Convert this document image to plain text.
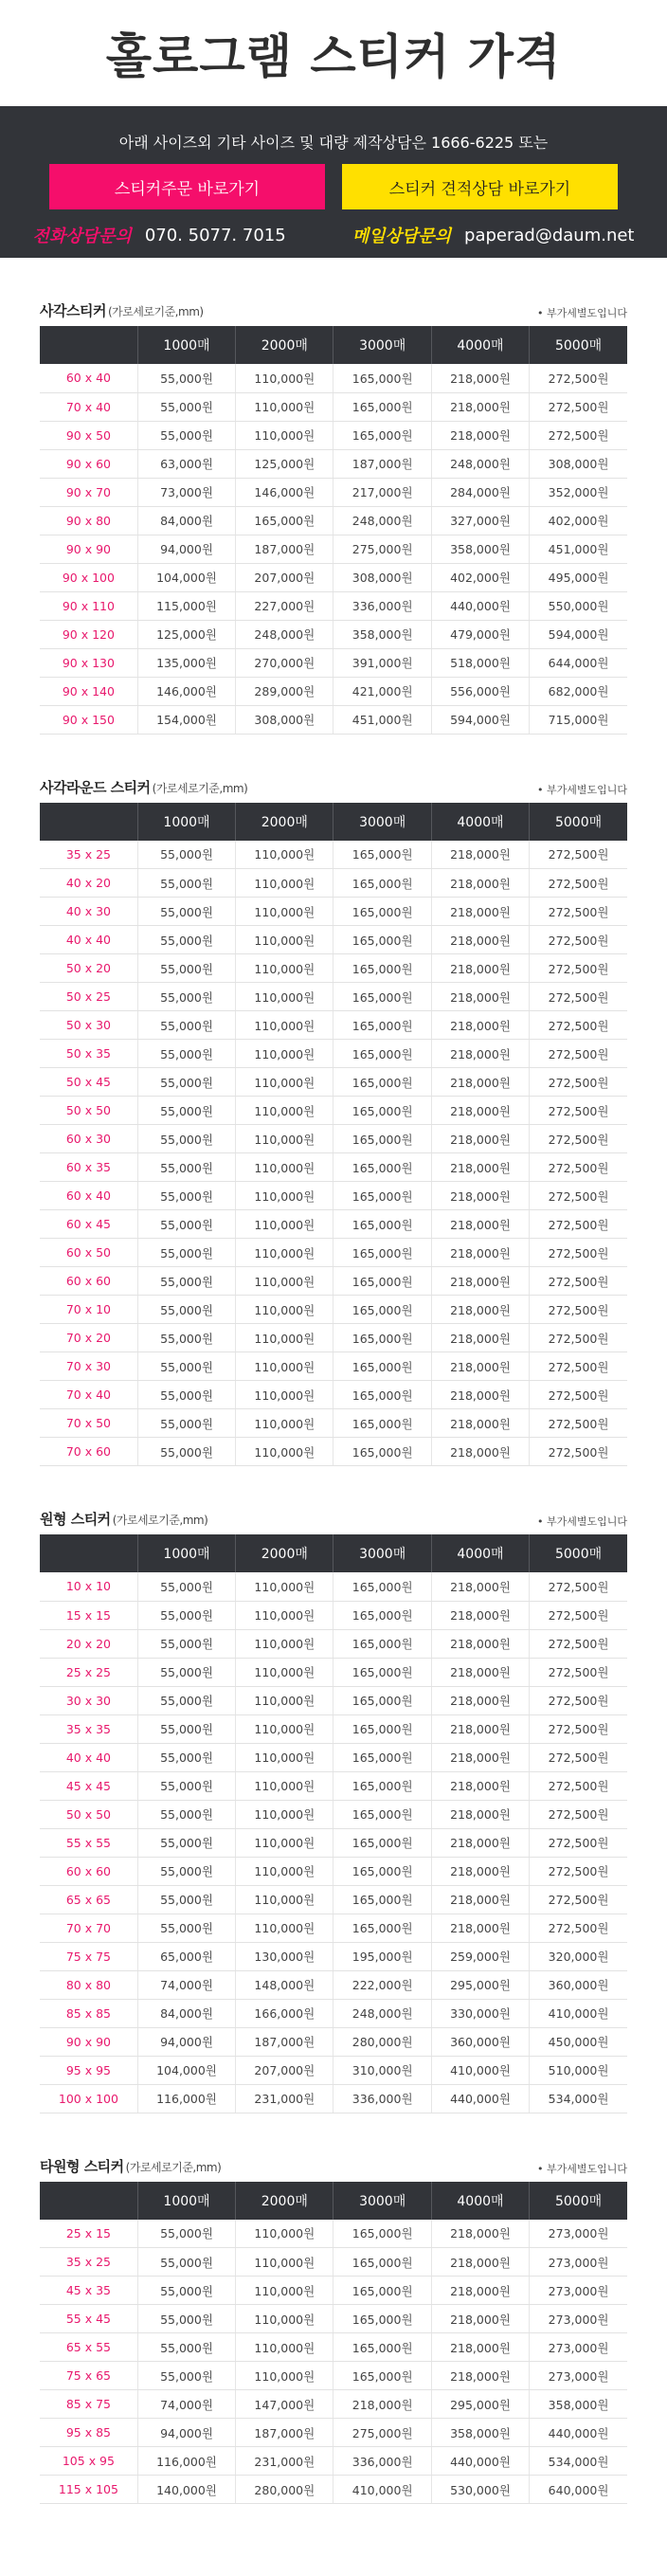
홀로그램 스티커 가격

아래 사이즈외 기타 사이즈 및 대량 제작상담은 1666-6225 또는

스티커주문 바로가기	스티커 견적상담 바로가기
전화상담문의 070. 5077. 7015	메일상담문의 paperad@daum.net
사각스티커 (가로세로기준,mm)	• 부가세별도입니다
	1000매	2000매	3000매	4000매	5000매
60 x 40	55,000원	110,000원	165,000원	218,000원	272,500원
70 x 40	55,000원	110,000원	165,000원	218,000원	272,500원
90 x 50	55,000원	110,000원	165,000원	218,000원	272,500원
90 x 60	63,000원	125,000원	187,000원	248,000원	308,000원
90 x 70	73,000원	146,000원	217,000원	284,000원	352,000원
90 x 80	84,000원	165,000원	248,000원	327,000원	402,000원
90 x 90	94,000원	187,000원	275,000원	358,000원	451,000원
90 x 100	104,000원	207,000원	308,000원	402,000원	495,000원
90 x 110	115,000원	227,000원	336,000원	440,000원	550,000원
90 x 120	125,000원	248,000원	358,000원	479,000원	594,000원
90 x 130	135,000원	270,000원	391,000원	518,000원	644,000원
90 x 140	146,000원	289,000원	421,000원	556,000원	682,000원
90 x 150	154,000원	308,000원	451,000원	594,000원	715,000원
사각라운드 스티커 (가로세로기준,mm)	• 부가세별도입니다
	1000매	2000매	3000매	4000매	5000매
35 x 25	55,000원	110,000원	165,000원	218,000원	272,500원
40 x 20	55,000원	110,000원	165,000원	218,000원	272,500원
40 x 30	55,000원	110,000원	165,000원	218,000원	272,500원
40 x 40	55,000원	110,000원	165,000원	218,000원	272,500원
50 x 20	55,000원	110,000원	165,000원	218,000원	272,500원
50 x 25	55,000원	110,000원	165,000원	218,000원	272,500원
50 x 30	55,000원	110,000원	165,000원	218,000원	272,500원
50 x 35	55,000원	110,000원	165,000원	218,000원	272,500원
50 x 45	55,000원	110,000원	165,000원	218,000원	272,500원
50 x 50	55,000원	110,000원	165,000원	218,000원	272,500원
60 x 30	55,000원	110,000원	165,000원	218,000원	272,500원
60 x 35	55,000원	110,000원	165,000원	218,000원	272,500원
60 x 40	55,000원	110,000원	165,000원	218,000원	272,500원
60 x 45	55,000원	110,000원	165,000원	218,000원	272,500원
60 x 50	55,000원	110,000원	165,000원	218,000원	272,500원
60 x 60	55,000원	110,000원	165,000원	218,000원	272,500원
70 x 10	55,000원	110,000원	165,000원	218,000원	272,500원
70 x 20	55,000원	110,000원	165,000원	218,000원	272,500원
70 x 30	55,000원	110,000원	165,000원	218,000원	272,500원
70 x 40	55,000원	110,000원	165,000원	218,000원	272,500원
70 x 50	55,000원	110,000원	165,000원	218,000원	272,500원
70 x 60	55,000원	110,000원	165,000원	218,000원	272,500원
원형 스티커 (가로세로기준,mm)	• 부가세별도입니다
	1000매	2000매	3000매	4000매	5000매
10 x 10	55,000원	110,000원	165,000원	218,000원	272,500원
15 x 15	55,000원	110,000원	165,000원	218,000원	272,500원
20 x 20	55,000원	110,000원	165,000원	218,000원	272,500원
25 x 25	55,000원	110,000원	165,000원	218,000원	272,500원
30 x 30	55,000원	110,000원	165,000원	218,000원	272,500원
35 x 35	55,000원	110,000원	165,000원	218,000원	272,500원
40 x 40	55,000원	110,000원	165,000원	218,000원	272,500원
45 x 45	55,000원	110,000원	165,000원	218,000원	272,500원
50 x 50	55,000원	110,000원	165,000원	218,000원	272,500원
55 x 55	55,000원	110,000원	165,000원	218,000원	272,500원
60 x 60	55,000원	110,000원	165,000원	218,000원	272,500원
65 x 65	55,000원	110,000원	165,000원	218,000원	272,500원
70 x 70	55,000원	110,000원	165,000원	218,000원	272,500원
75 x 75	65,000원	130,000원	195,000원	259,000원	320,000원
80 x 80	74,000원	148,000원	222,000원	295,000원	360,000원
85 x 85	84,000원	166,000원	248,000원	330,000원	410,000원
90 x 90	94,000원	187,000원	280,000원	360,000원	450,000원
95 x 95	104,000원	207,000원	310,000원	410,000원	510,000원
100 x 100	116,000원	231,000원	336,000원	440,000원	534,000원
타원형 스티커 (가로세로기준,mm)	• 부가세별도입니다
	1000매	2000매	3000매	4000매	5000매
25 x 15	55,000원	110,000원	165,000원	218,000원	273,000원
35 x 25	55,000원	110,000원	165,000원	218,000원	273,000원
45 x 35	55,000원	110,000원	165,000원	218,000원	273,000원
55 x 45	55,000원	110,000원	165,000원	218,000원	273,000원
65 x 55	55,000원	110,000원	165,000원	218,000원	273,000원
75 x 65	55,000원	110,000원	165,000원	218,000원	273,000원
85 x 75	74,000원	147,000원	218,000원	295,000원	358,000원
95 x 85	94,000원	187,000원	275,000원	358,000원	440,000원
105 x 95	116,000원	231,000원	336,000원	440,000원	534,000원
115 x 105	140,000원	280,000원	410,000원	530,000원	640,000원
